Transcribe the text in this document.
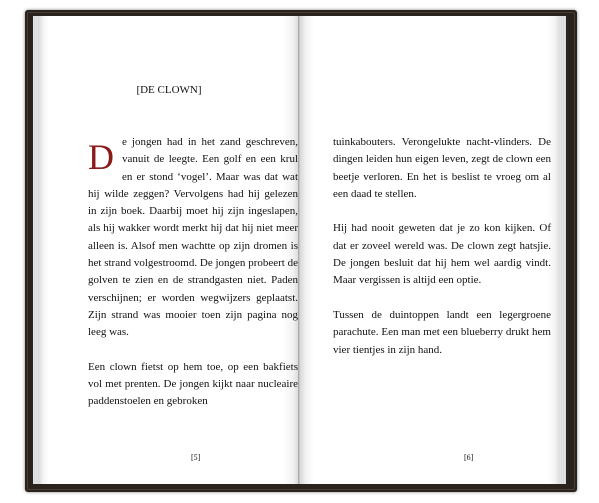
[DE CLOWN]

De jongen had in het zand geschreven, vanuit de leegte. Een golf en een krul en er stond ‘vogel’. Maar was dat wat hij wilde zeggen? Vervolgens had hij gelezen in zijn boek. Daarbij moet hij zijn ingeslapen, als hij wakker wordt merkt hij dat hij niet meer alleen is. Alsof men wachtte op zijn dromen is het strand volgestroomd. De jongen probeert de golven te zien en de strandgasten niet. Paden verschijnen; er worden wegwijzers geplaatst. Zijn strand was mooier toen zijn pagina nog leeg was.

Een clown fietst op hem toe, op een bakfiets vol met prenten. De jongen kijkt naar nucleaire paddenstoelen en gebroken

[5]

tuinkabouters. Verongelukte nacht-vlinders. De dingen leiden hun eigen leven, zegt de clown een beetje verloren. En het is beslist te vroeg om al een daad te stellen.

Hij had nooit geweten dat je zo kon kijken. Of dat er zoveel wereld was. De clown zegt hatsjie. De jongen besluit dat hij hem wel aardig vindt. Maar vergissen is altijd een optie.

Tussen de duintoppen landt een legergroene parachute. Een man met een blueberry drukt hem vier tientjes in zijn hand.

[6]
